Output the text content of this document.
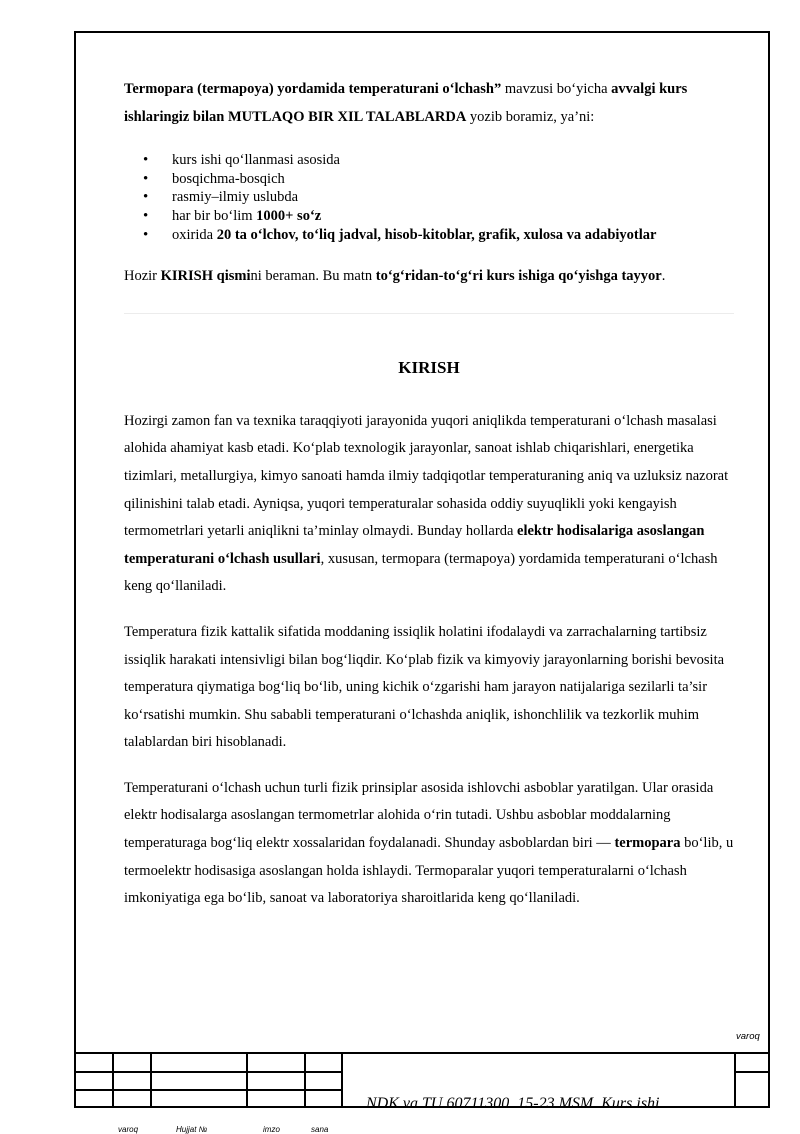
Termopara (termapoya) yordamida temperaturani o‘lchash” mavzusi bo‘yicha avvalgi kurs ishlaringiz bilan MUTLAQO BIR XIL TALABLARDA yozib boramiz, ya’ni:

• kurs ishi qo‘llanmasi asosida
• bosqichma-bosqich
• rasmiy–ilmiy uslubda
• har bir bo‘lim 1000+ so‘z
• oxirida 20 ta o‘lchov, to‘liq jadval, hisob-kitoblar, grafik, xulosa va adabiyotlar

Hozir KIRISH qismini beraman. Bu matn to‘g‘ridan-to‘g‘ri kurs ishiga qo‘yishga tayyor.

KIRISH

Hozirgi zamon fan va texnika taraqqiyoti jarayonida yuqori aniqlikda temperaturani o‘lchash masalasi alohida ahamiyat kasb etadi. Ko‘plab texnologik jarayonlar, sanoat ishlab chiqarishlari, energetika tizimlari, metallurgiya, kimyo sanoati hamda ilmiy tadqiqotlar temperaturaning aniq va uzluksiz nazorat qilinishini talab etadi. Ayniqsa, yuqori temperaturalar sohasida oddiy suyuqlikli yoki kengayish termometrlari yetarli aniqlikni ta’minlay olmaydi. Bunday hollarda elektr hodisalariga asoslangan temperaturani o‘lchash usullari, xususan, termopara (termapoya) yordamida temperaturani o‘lchash keng qo‘llaniladi.

Temperatura fizik kattalik sifatida moddaning issiqlik holatini ifodalaydi va zarrachalarning tartibsiz issiqlik harakati intensivligi bilan bog‘liqdir. Ko‘plab fizik va kimyoviy jarayonlarning borishi bevosita temperatura qiymatiga bog‘liq bo‘lib, uning kichik o‘zgarishi ham jarayon natijalariga sezilarli ta’sir ko‘rsatishi mumkin. Shu sababli temperaturani o‘lchashda aniqlik, ishonchlilik va tezkorlik muhim talablardan biri hisoblanadi.

Temperaturani o‘lchash uchun turli fizik prinsiplar asosida ishlovchi asboblar yaratilgan. Ular orasida elektr hodisalarga asoslangan termometrlar alohida o‘rin tutadi. Ushbu asboblar moddalarning temperaturaga bog‘liq elektr xossalaridan foydalanadi. Shunday asboblardan biri — termopara bo‘lib, u termoelektr hodisasiga asoslangan holda ishlaydi. Termoparalar yuqori temperaturalarni o‘lchash imkoniyatiga ega bo‘lib, sanoat va laboratoriya sharoitlarida keng qo‘llaniladi.

varoq
NDK va TU 60711300. 15-23 MSM. Kurs ishi
varoq	Hujjat №	imzo	sana
